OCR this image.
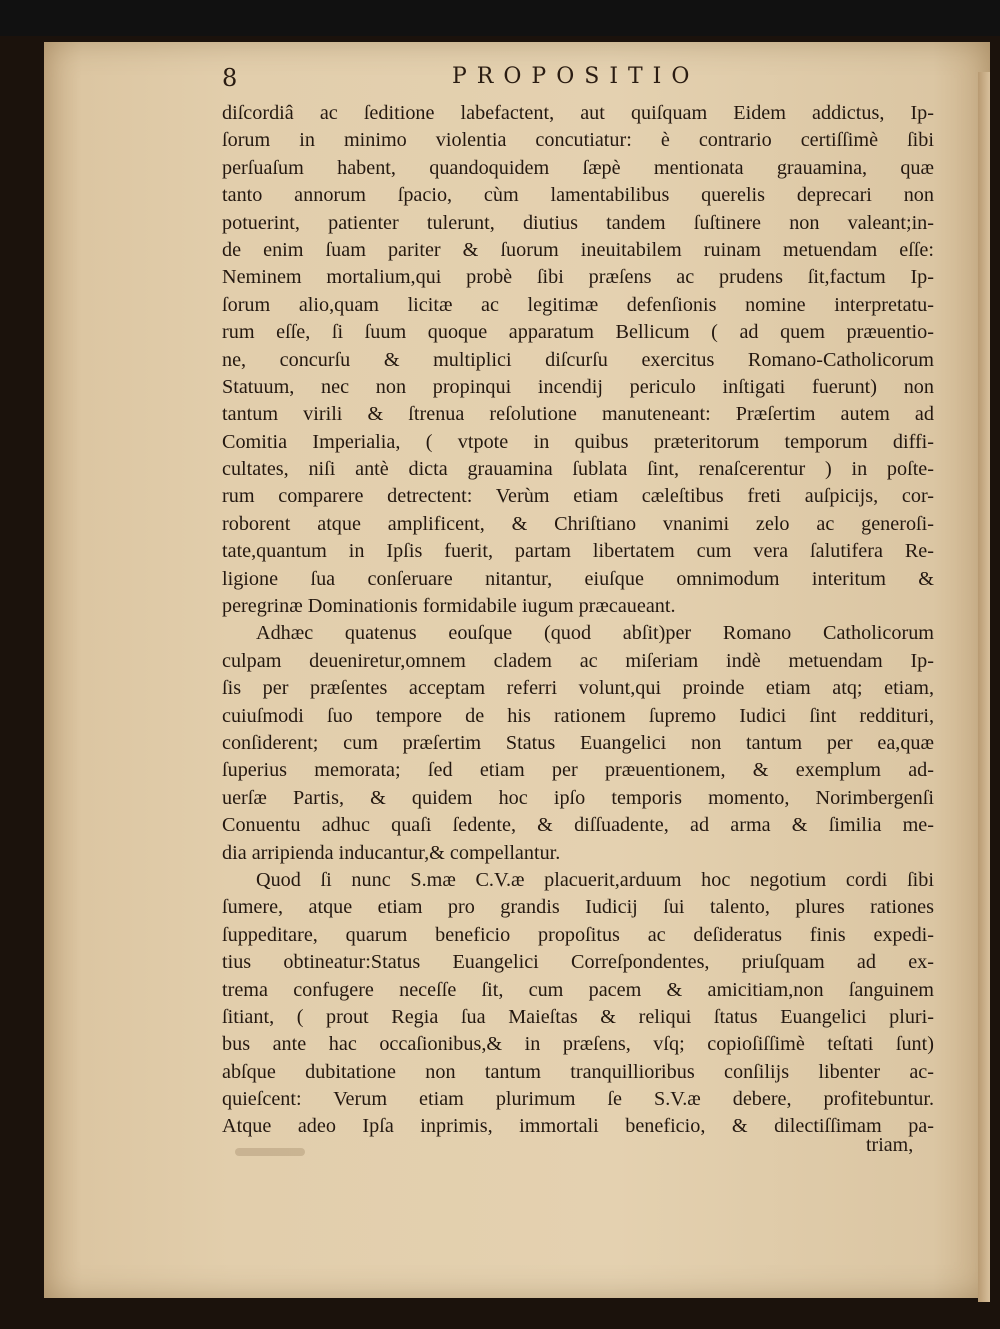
8	PROPOSITIO
diſcordiâ ac ſeditione labefactent, aut quiſquam Eidem addictus, Ip-
ſorum in minimo violentia concutiatur: è contrario certiſſimè ſibi
perſuaſum habent, quandoquidem ſæpè mentionata grauamina, quæ
tanto annorum ſpacio, cùm lamentabilibus querelis deprecari non
potuerint, patienter tulerunt, diutius tandem ſuſtinere non valeant;in-
de enim ſuam pariter & ſuorum ineuitabilem ruinam metuendam eſſe:
Neminem mortalium,qui probè ſibi præſens ac prudens ſit,factum Ip-
ſorum alio,quam licitæ ac legitimæ defenſionis nomine interpretatu-
rum eſſe, ſi ſuum quoque apparatum Bellicum ( ad quem præuentio-
ne, concurſu & multiplici diſcurſu exercitus Romano-Catholicorum
Statuum, nec non propinqui incendij periculo inſtigati fuerunt) non
tantum virili & ſtrenua reſolutione manuteneant: Præſertim autem ad
Comitia Imperialia, ( vtpote in quibus præteritorum temporum diffi-
cultates, niſi antè dicta grauamina ſublata ſint, renaſcerentur ) in poſte-
rum comparere detrectent: Verùm etiam cæleſtibus freti auſpicijs, cor-
roborent atque amplificent, & Chriſtiano vnanimi zelo ac generoſi-
tate,quantum in Ipſis fuerit, partam libertatem cum vera ſalutifera Re-
ligione ſua conſeruare nitantur, eiuſque omnimodum interitum &
peregrinæ Dominationis formidabile iugum præcaueant.
Adhæc quatenus eouſque (quod abſit)per Romano Catholicorum
culpam deueniretur,omnem cladem ac miſeriam indè metuendam Ip-
ſis per præſentes acceptam referri volunt,qui proinde etiam atq; etiam,
cuiuſmodi ſuo tempore de his rationem ſupremo Iudici ſint reddituri,
conſiderent; cum præſertim Status Euangelici non tantum per ea,quæ
ſuperius memorata; ſed etiam per præuentionem, & exemplum ad-
uerſæ Partis, & quidem hoc ipſo temporis momento, Norimbergenſi
Conuentu adhuc quaſi ſedente, & diſſuadente, ad arma & ſimilia me-
dia arripienda inducantur,& compellantur.
Quod ſi nunc S.mæ C.V.æ placuerit,arduum hoc negotium cordi ſibi
ſumere, atque etiam pro grandis Iudicij ſui talento, plures rationes
ſuppeditare, quarum beneficio propoſitus ac deſideratus finis expedi-
tius obtineatur:Status Euangelici Correſpondentes, priuſquam ad ex-
trema confugere neceſſe ſit, cum pacem & amicitiam,non ſanguinem
ſitiant, ( prout Regia ſua Maieſtas & reliqui ſtatus Euangelici pluri-
bus ante hac occaſionibus,& in præſens, vſq; copioſiſſimè teſtati ſunt)
abſque dubitatione non tantum tranquillioribus conſilijs libenter ac-
quieſcent: Verum etiam plurimum ſe S.V.æ debere, profitebuntur.
Atque adeo Ipſa inprimis, immortali beneficio, & dilectiſſimam pa-
triam,
